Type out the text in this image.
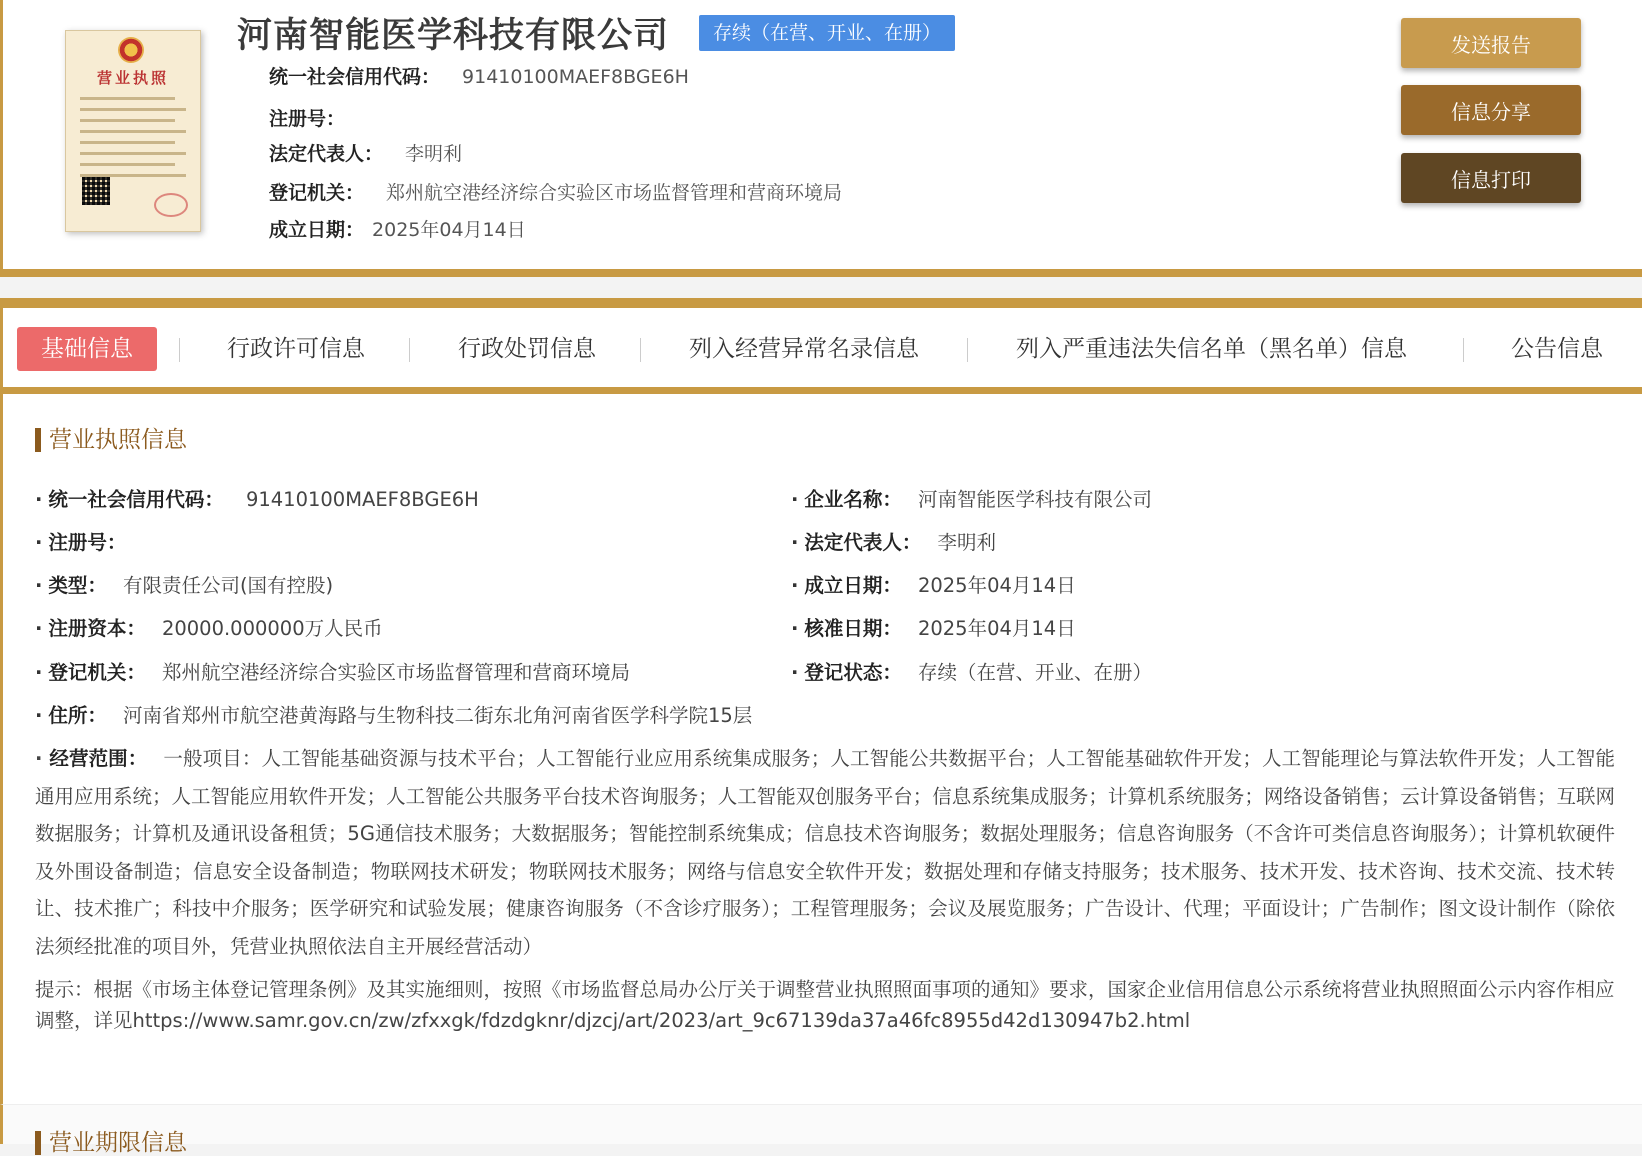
营业执照
河南智能医学科技有限公司	存续（在营、开业、在册）
统一社会信用代码： 91410100MAEF8BGE6H
注册号：
法定代表人： 李明利
登记机关： 郑州航空港经济综合实验区市场监督管理和营商环境局
成立日期： 2025年04月14日
发送报告
信息分享
信息打印
基础信息	行政许可信息	行政处罚信息	列入经营异常名录信息	列入严重违法失信名单（黑名单）信息	公告信息
营业执照信息
· 统一社会信用代码： 91410100MAEF8BGE6H
· 注册号：
· 类型： 有限责任公司(国有控股)
· 注册资本： 20000.000000万人民币
· 登记机关： 郑州航空港经济综合实验区市场监督管理和营商环境局
· 住所： 河南省郑州市航空港黄海路与生物科技二街东北角河南省医学科学院15层
· 企业名称： 河南智能医学科技有限公司
· 法定代表人： 李明利
· 成立日期： 2025年04月14日
· 核准日期： 2025年04月14日
· 登记状态： 存续（在营、开业、在册）
· 经营范围： 一般项目：人工智能基础资源与技术平台；人工智能行业应用系统集成服务；人工智能公共数据平台；人工智能基础软件开发；人工智能理论与算法软件开发；人工智能通用应用系统；人工智能应用软件开发；人工智能公共服务平台技术咨询服务；人工智能双创服务平台；信息系统集成服务；计算机系统服务；网络设备销售；云计算设备销售；互联网数据服务；计算机及通讯设备租赁；5G通信技术服务；大数据服务；智能控制系统集成；信息技术咨询服务；数据处理服务；信息咨询服务（不含许可类信息咨询服务）；计算机软硬件及外围设备制造；信息安全设备制造；物联网技术研发；物联网技术服务；网络与信息安全软件开发；数据处理和存储支持服务；技术服务、技术开发、技术咨询、技术交流、技术转让、技术推广；科技中介服务；医学研究和试验发展；健康咨询服务（不含诊疗服务）；工程管理服务；会议及展览服务；广告设计、代理；平面设计；广告制作；图文设计制作（除依法须经批准的项目外，凭营业执照依法自主开展经营活动）
提示：根据《市场主体登记管理条例》及其实施细则，按照《市场监督总局办公厅关于调整营业执照照面事项的通知》要求，国家企业信用信息公示系统将营业执照照面公示内容作相应调整，详见https://www.samr.gov.cn/zw/zfxxgk/fdzdgknr/djzcj/art/2023/art_9c67139da37a46fc8955d42d130947b2.html
营业期限信息
